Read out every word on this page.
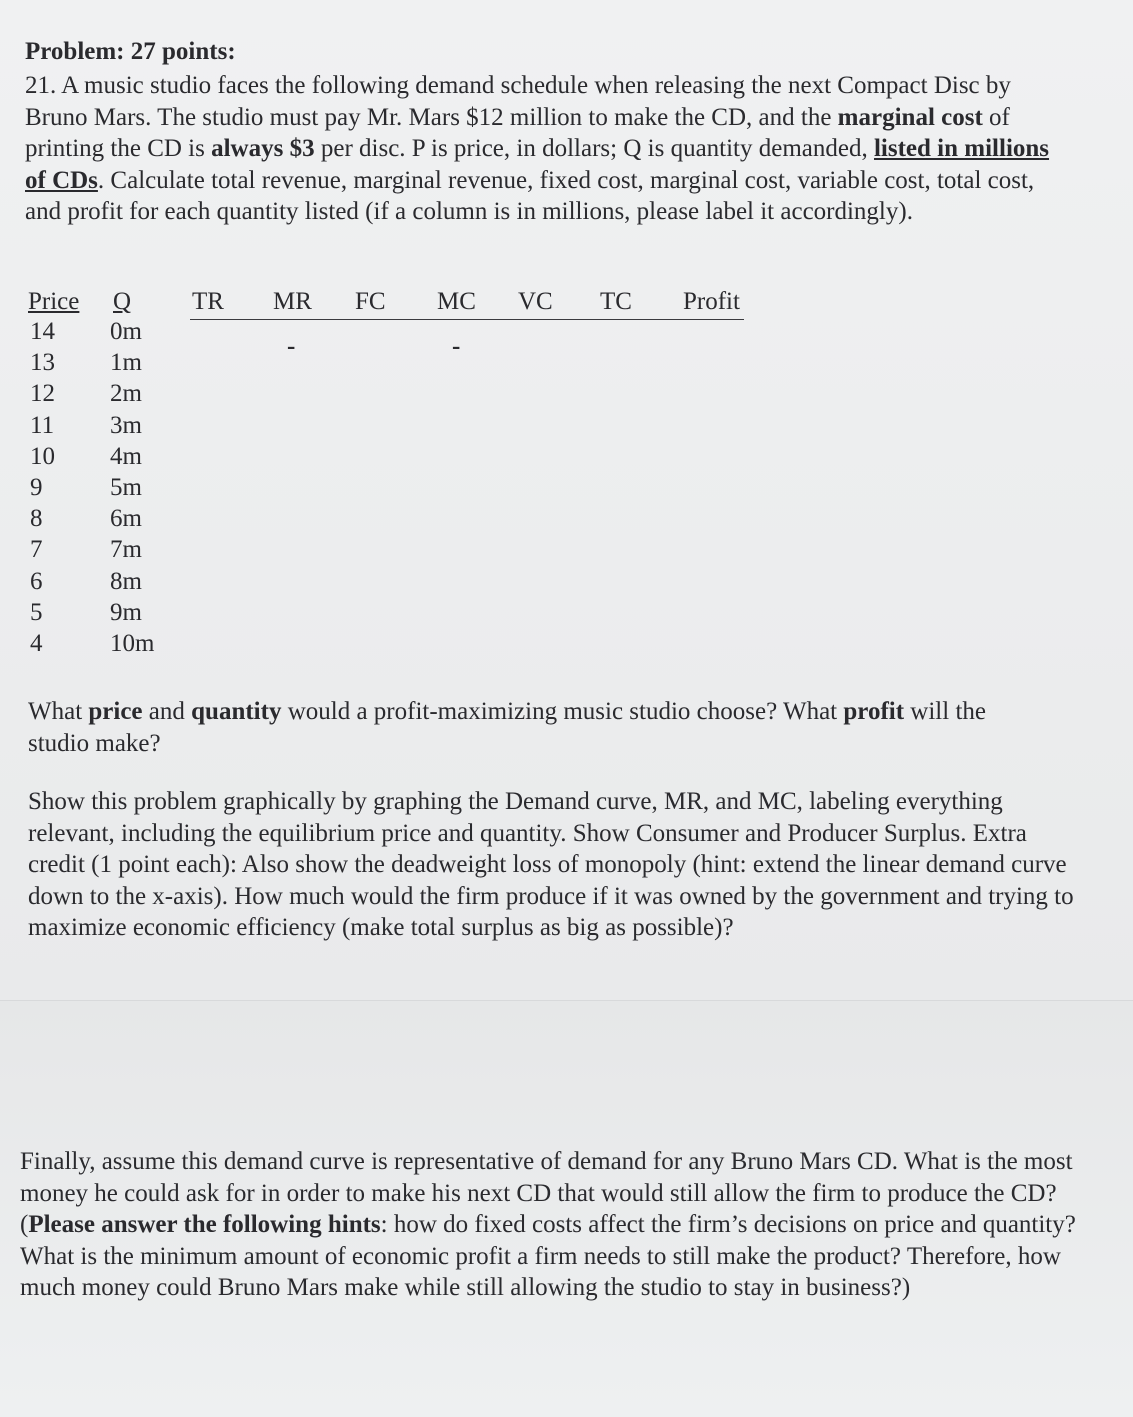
Problem: 27 points:
21. A music studio faces the following demand schedule when releasing the next Compact Disc by Bruno Mars. The studio must pay Mr. Mars $12 million to make the CD, and the marginal cost of printing the CD is always $3 per disc. P is price, in dollars; Q is quantity demanded, listed in millions of CDs. Calculate total revenue, marginal revenue, fixed cost, marginal cost, variable cost, total cost, and profit for each quantity listed (if a column is in millions, please label it accordingly).
Price Q TR MR FC MC VC TC Profit
-	-
14
13
12
11
10
9
8
7
6
5
4
0m
1m
2m
3m
4m
5m
6m
7m
8m
9m
10m
What price and quantity would a profit-maximizing music studio choose? What profit will the studio make?
Show this problem graphically by graphing the Demand curve, MR, and MC, labeling everything relevant, including the equilibrium price and quantity. Show Consumer and Producer Surplus. Extra credit (1 point each): Also show the deadweight loss of monopoly (hint: extend the linear demand curve down to the x-axis). How much would the firm produce if it was owned by the government and trying to maximize economic efficiency (make total surplus as big as possible)?
Finally, assume this demand curve is representative of demand for any Bruno Mars CD. What is the most money he could ask for in order to make his next CD that would still allow the firm to produce the CD? (Please answer the following hints: how do fixed costs affect the firm’s decisions on price and quantity? What is the minimum amount of economic profit a firm needs to still make the product? Therefore, how much money could Bruno Mars make while still allowing the studio to stay in business?)
